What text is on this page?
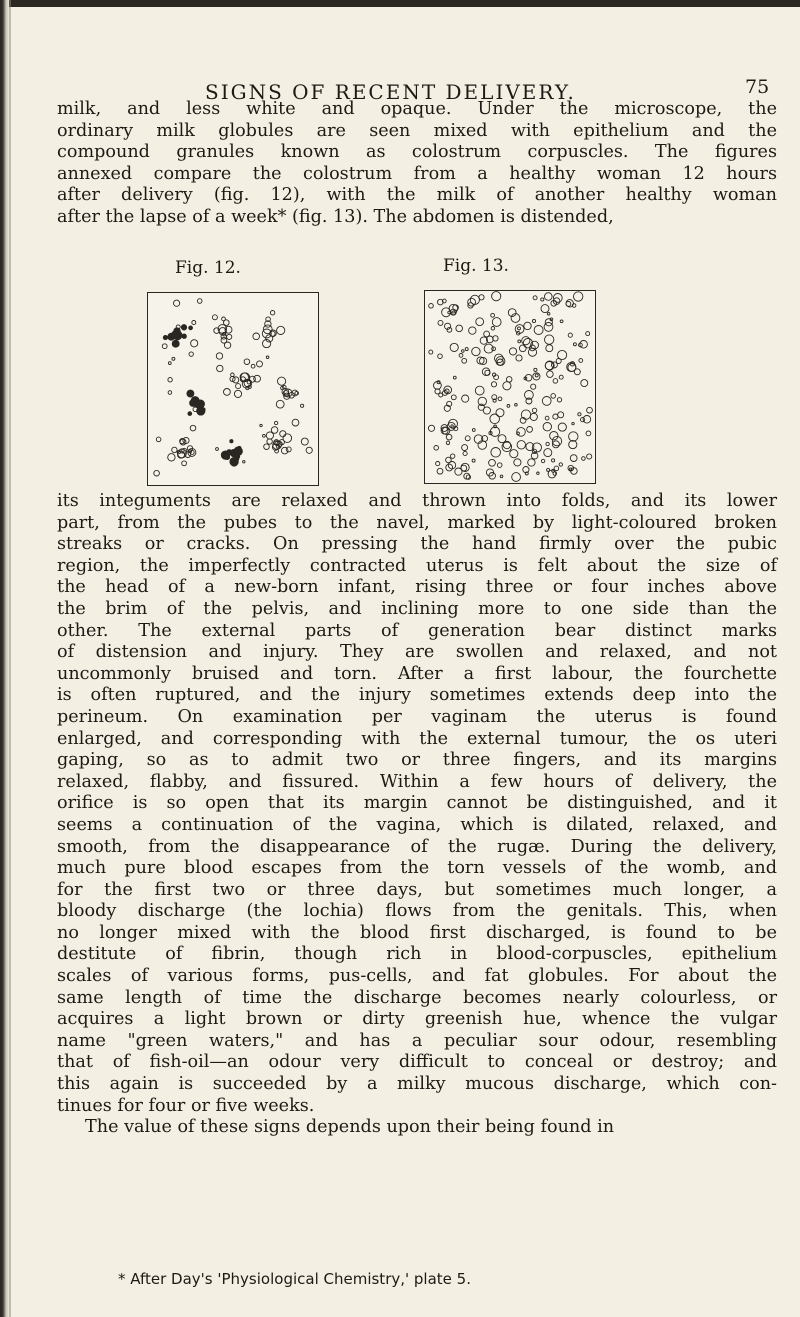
SIGNS OF RECENT DELIVERY.	75
milk, and less white and opaque. Under the microscope, the
ordinary milk globules are seen mixed with epithelium and the
compound granules known as colostrum corpuscles. The figures
annexed compare the colostrum from a healthy woman 12 hours
after delivery (fig. 12), with the milk of another healthy woman
after the lapse of a week* (fig. 13). The abdomen is distended,
Fig. 12.	Fig. 13.
its integuments are relaxed and thrown into folds, and its lower
part, from the pubes to the navel, marked by light-coloured broken
streaks or cracks. On pressing the hand firmly over the pubic
region, the imperfectly contracted uterus is felt about the size of
the head of a new-born infant, rising three or four inches above
the brim of the pelvis, and inclining more to one side than the
other. The external parts of generation bear distinct marks
of distension and injury. They are swollen and relaxed, and not
uncommonly bruised and torn. After a first labour, the fourchette
is often ruptured, and the injury sometimes extends deep into the
perineum. On examination per vaginam the uterus is found
enlarged, and corresponding with the external tumour, the os uteri
gaping, so as to admit two or three fingers, and its margins
relaxed, flabby, and fissured. Within a few hours of delivery, the
orifice is so open that its margin cannot be distinguished, and it
seems a continuation of the vagina, which is dilated, relaxed, and
smooth, from the disappearance of the rugæ. During the delivery,
much pure blood escapes from the torn vessels of the womb, and
for the first two or three days, but sometimes much longer, a
bloody discharge (the lochia) flows from the genitals. This, when
no longer mixed with the blood first discharged, is found to be
destitute of fibrin, though rich in blood-corpuscles, epithelium
scales of various forms, pus-cells, and fat globules. For about the
same length of time the discharge becomes nearly colourless, or
acquires a light brown or dirty greenish hue, whence the vulgar
name "green waters," and has a peculiar sour odour, resembling
that of fish-oil—an odour very difficult to conceal or destroy; and
this again is succeeded by a milky mucous discharge, which con-
tinues for four or five weeks.
The value of these signs depends upon their being found in
* After Day's 'Physiological Chemistry,' plate 5.
